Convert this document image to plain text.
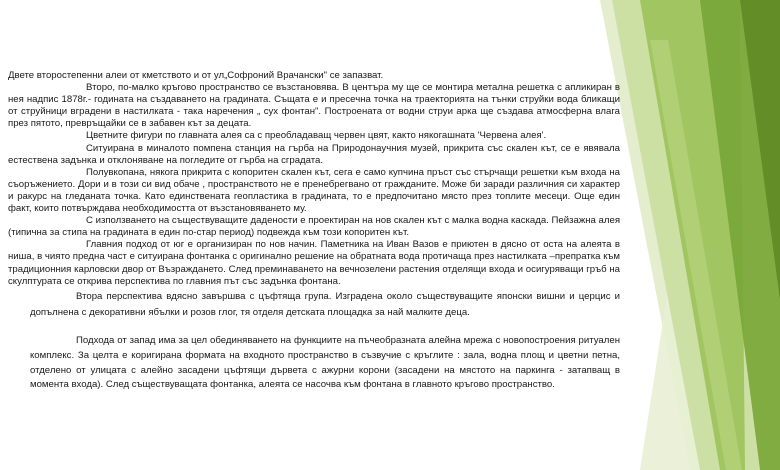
Двете второстепенни алеи от кметството и от ул„Софроний Врачански" се запазват.

Второ, по-малко кръгово пространство се възстановява. В центъра му ще се монтира метална решетка с апликиран в нея надпис 1878г.- годината на създаването на градината. Същата е и пресечна точка на траекторията на тънки струйки вода бликащи от струйници вградени в настилката - така наречения „ сух фонтан". Построената от водни струи арка ще създава атмосферна влага през пятото, превръщайки се в забавен кът за децата.

Цветните фигури по главната алея са с преобладаващ червен цвят, както някогашната 'Червена алея'.

Ситуирана в миналото помпена станция на гърба на Природонаучния музей, прикрита със скален кът, се е явявала естествена задънка и отклоняване на погледите от гърба на сградата.

Полувкопана, някога прикрита с копоритен скален кът, сега е само купчина пръст със стърчащи решетки към входа на съоръжението. Дори и в този си вид обаче , пространството не е пренебрегвано от гражданите. Може би заради различния си характер и ракурс на гледаната точка. Като единствената геопластика в градината, то е предпочитано място през топлите месеци. Още един факт, които потвърждава необходимостта от възстановяването му.

С използването на съществуващите дадености е проектиран на нов скален кът с малка водна каскада. Пейзажна алея (типична за стипа на градината в един по-стар период) подвежда към този копоритен кът.

Главния подход от юг е организиран по нов начин. Паметника на Иван Вазов е приютен в дясно от оста на алеята в ниша, в чиято предна част е ситуирана фонтанка с оригинално решение на обратната вода протичаща през настилката –препратка към традиционния карловски двор от Възраждането. След преминаването на вечнозелени растения отделящи входа и осигуряващи гръб на скулптурата се открива перспектива по главния път със задънка фонтана.

Втора перспектива вдясно завършва с цъфтяща група. Изградена около съществуващите японски вишни и церцис и допълнена с декоративни ябълки и розов глог, тя отделя детската площадка за най малките деца.

Подхода от запад има за цел обединяването на функциите на пъчеобразната алейна мрежа с новопостроения ритуален комплекс. За целта е коригирана формата на входното пространство в съзвучие с кръглите : зала, водна площ и цветни петна, отделено от улицата с алейно засадени цъфтящи дървета с ажурни корони (засадени на мястото на паркинга - затапващ в момента входа). След съществуващата фонтанка, алеята се насочва към фонтана в главното кръгово пространство.
